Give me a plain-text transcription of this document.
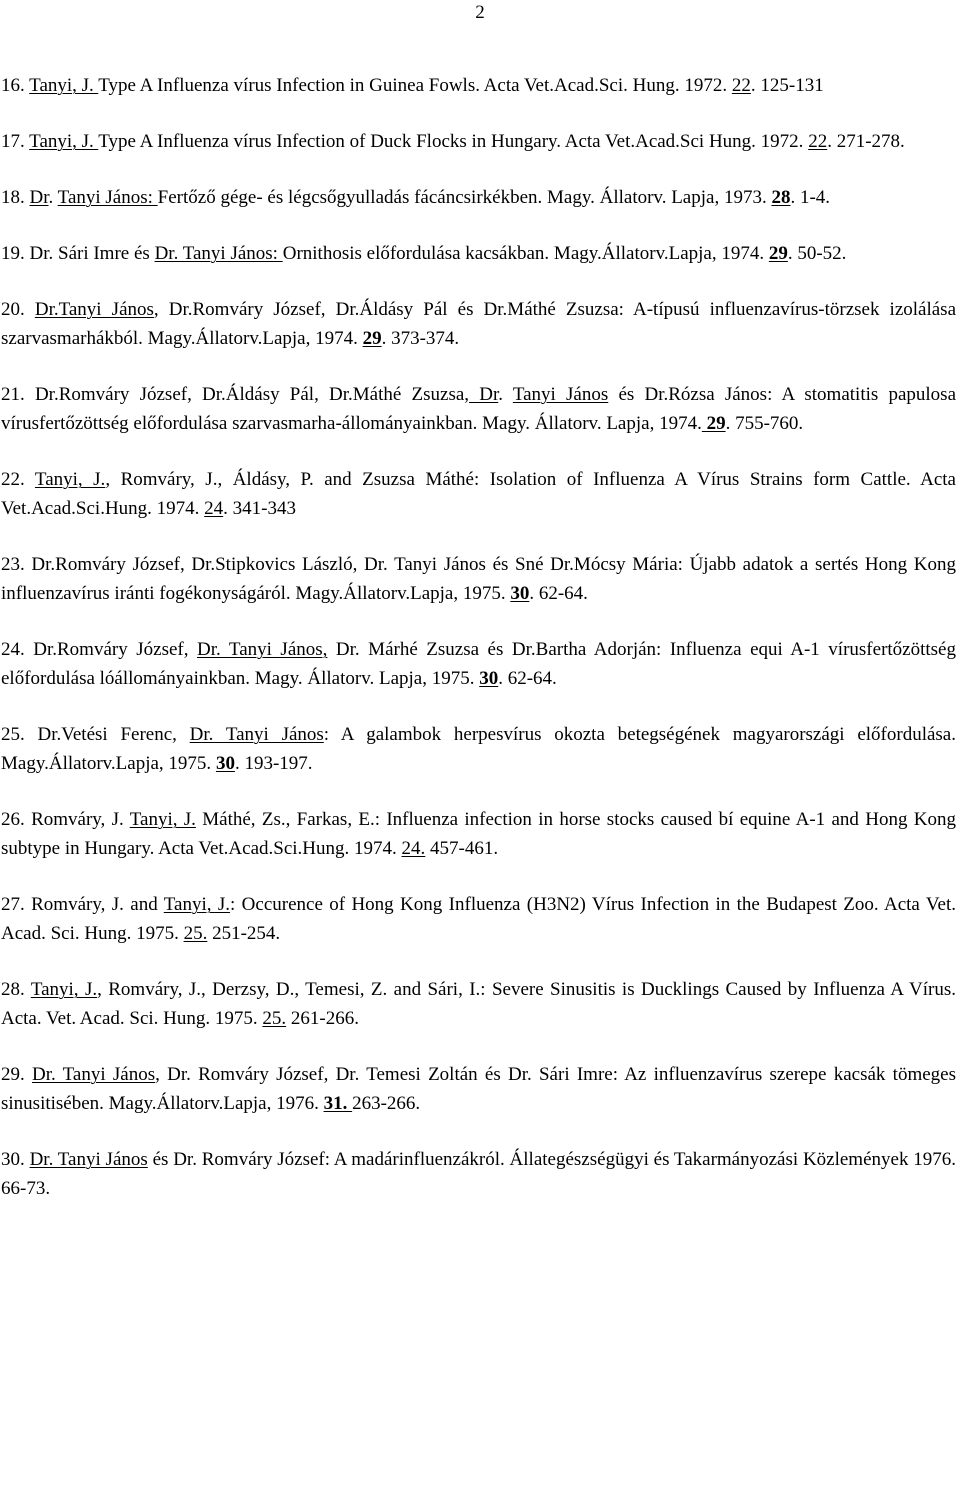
2

16. Tanyi, J. Type A Influenza vírus Infection in Guinea Fowls. Acta Vet.Acad.Sci. Hung. 1972. 22. 125-131

17. Tanyi, J. Type A Influenza vírus Infection of Duck Flocks in Hungary. Acta Vet.Acad.Sci Hung. 1972. 22. 271-278.

18. Dr. Tanyi János: Fertőző gége- és légcsőgyulladás fácáncsirkékben. Magy. Állatorv. Lapja, 1973. 28. 1-4.

19. Dr. Sári Imre és Dr. Tanyi János: Ornithosis előfordulása kacsákban. Magy.Állatorv.Lapja, 1974. 29. 50-52.

20. Dr.Tanyi János, Dr.Romváry József, Dr.Áldásy Pál és Dr.Máthé Zsuzsa: A-típusú influenzavírus-törzsek izolálása szarvasmarhákból. Magy.Állatorv.Lapja, 1974. 29. 373-374.

21. Dr.Romváry József, Dr.Áldásy Pál, Dr.Máthé Zsuzsa, Dr. Tanyi János és Dr.Rózsa János: A stomatitis papulosa vírusfertőzöttség előfordulása szarvasmarha-állományainkban. Magy. Állatorv. Lapja, 1974. 29. 755-760.

22. Tanyi, J., Romváry, J., Áldásy, P. and Zsuzsa Máthé: Isolation of Influenza A Vírus Strains form Cattle. Acta Vet.Acad.Sci.Hung. 1974. 24. 341-343

23. Dr.Romváry József, Dr.Stipkovics László, Dr. Tanyi János és Sné Dr.Mócsy Mária: Újabb adatok a sertés Hong Kong influenzavírus iránti fogékonyságáról. Magy.Állatorv.Lapja, 1975. 30. 62-64.

24. Dr.Romváry József, Dr. Tanyi János, Dr. Márhé Zsuzsa és Dr.Bartha Adorján: Influenza equi A-1 vírusfertőzöttség előfordulása lóállományainkban. Magy. Állatorv. Lapja, 1975. 30. 62-64.

25. Dr.Vetési Ferenc, Dr. Tanyi János: A galambok herpesvírus okozta betegségének magyarországi előfordulása. Magy.Állatorv.Lapja, 1975. 30. 193-197.

26. Romváry, J. Tanyi, J. Máthé, Zs., Farkas, E.: Influenza infection in horse stocks caused bí equine A-1 and Hong Kong subtype in Hungary. Acta Vet.Acad.Sci.Hung. 1974. 24. 457-461.

27. Romváry, J. and Tanyi, J.: Occurence of Hong Kong Influenza (H3N2) Vírus Infection in the Budapest Zoo. Acta Vet. Acad. Sci. Hung. 1975. 25. 251-254.

28. Tanyi, J., Romváry, J., Derzsy, D., Temesi, Z. and Sári, I.: Severe Sinusitis is Ducklings Caused by Influenza A Vírus. Acta. Vet. Acad. Sci. Hung. 1975. 25. 261-266.

29. Dr. Tanyi János, Dr. Romváry József, Dr. Temesi Zoltán és Dr. Sári Imre: Az influenzavírus szerepe kacsák tömeges sinusitisében. Magy.Állatorv.Lapja, 1976. 31. 263-266.

30. Dr. Tanyi János és Dr. Romváry József: A madárinfluenzákról. Állategészségügyi és Takarmányozási Közlemények 1976. 66-73.
